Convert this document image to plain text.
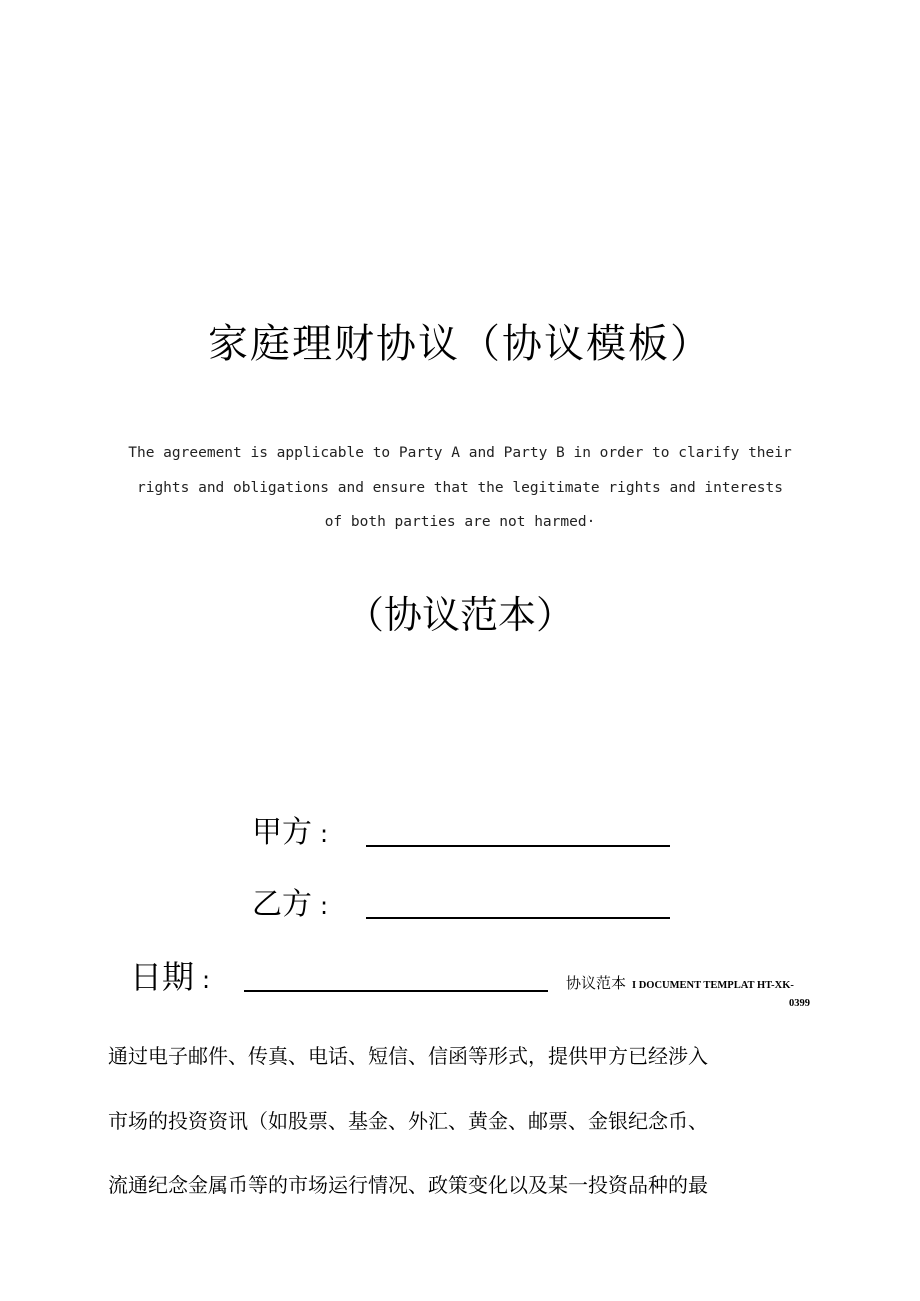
家庭理财协议（协议模板）
The agreement is applicable to Party A and Party B in order to clarify their
rights and obligations and ensure that the legitimate rights and interests
of both parties are not harmed·
（协议范本）
甲方 :
乙方 :
日期 :	协议范本 I DOCUMENT TEMPLAT HT-XK-
0399
通过电子邮件、传真、电话、短信、信函等形式，提供甲方已经涉入
市场的投资资讯（如股票、基金、外汇、黄金、邮票、金银纪念币、
流通纪念金属币等的市场运行情况、政策变化以及某一投资品种的最
